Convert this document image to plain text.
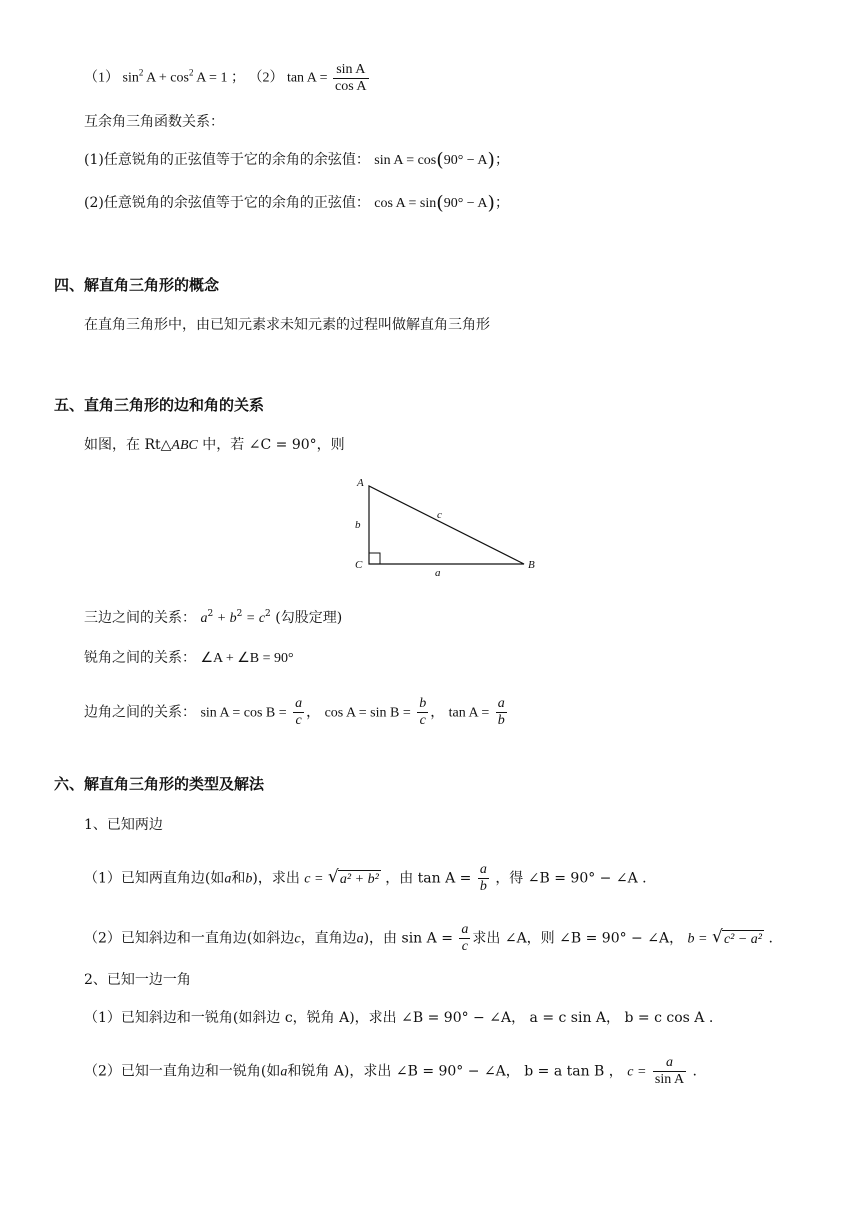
（1） $\sin^2 A + \cos^2 A = 1$ ； （2） $\tan A = \frac{\text{sin A}}{\text{cos A}}$
互余角三角函数关系：
(1)任意锐角的正弦值等于它的余角的余弦值： sin A = cos(90° − A)；
(2)任意锐角的余弦值等于它的余角的正弦值： cos A = sin(90° − A)；
四、解直角三角形的概念
在直角三角形中，由已知元素求未知元素的过程叫做解直角三角形
五、直角三角形的边和角的关系
如图，在 Rt△ABC 中，若 ∠C = 90°，则
A
B
C
a
b
c
三边之间的关系： $a^2 + b^2 = c^2$ (勾股定理)
锐角之间的关系： ∠A + ∠B = 90°
边角之间的关系： $\sin A = \cos B = \frac{a}{c}$ ， $\cos A = \sin B = \frac{b}{c}$ ， $\tan A = \frac{a}{b}$
六、解直角三角形的类型及解法
1、已知两边
（1）已知两直角边(如a和b)，求出 c = √ a² + b² ，由 $\tan A = \frac{a}{b}$ ，得 ∠B = 90° − ∠A .
（2）已知斜边和一直角边(如斜边c，直角边a)，由 $\sin A = \frac{a}{c}$ 求出 ∠A，则 ∠B = 90° − ∠A， b = √ c² − a² .
2、已知一边一角
（1）已知斜边和一锐角(如斜边 c，锐角 A)，求出 ∠B = 90° − ∠A， a = c sin A， b = c cos A .
（2）已知一直角边和一锐角(如a和锐角 A)，求出 ∠B = 90° − ∠A， b = a tan B ， $c = \frac{a}{\text{sin A}}$ .
